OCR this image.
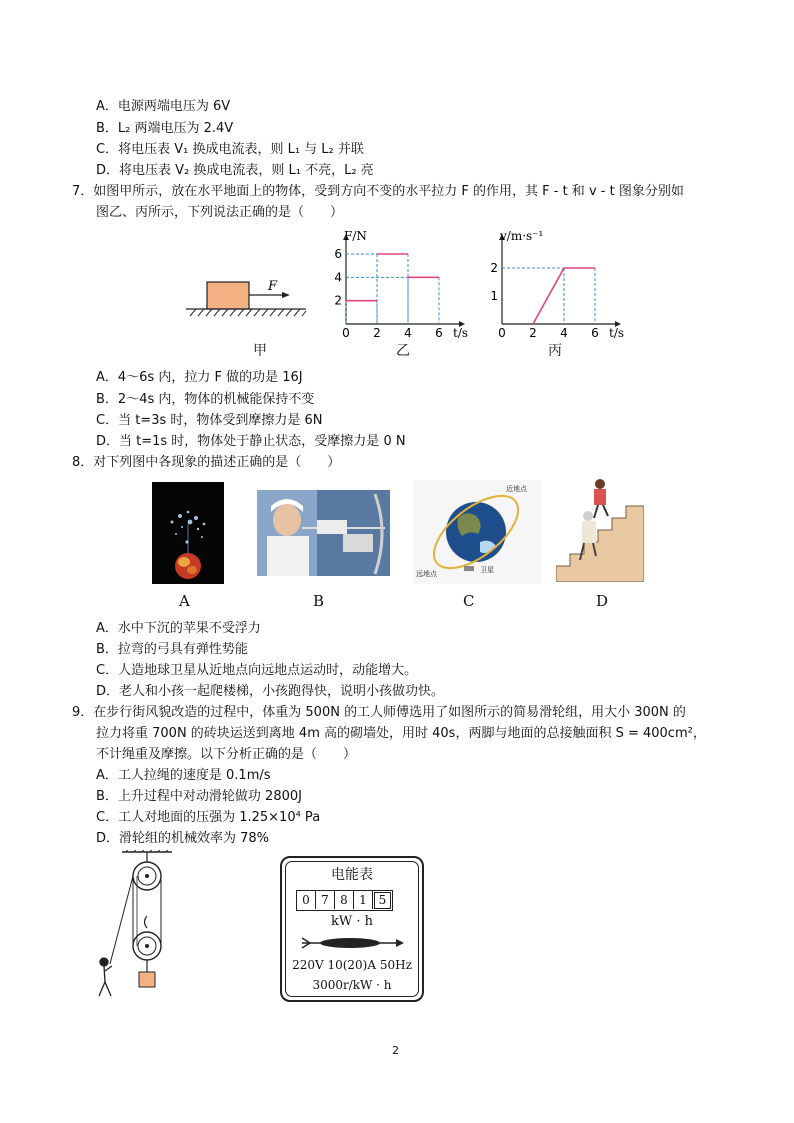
A．电源两端电压为 6V
B．L₂ 两端电压为 2.4V
C．将电压表 V₁ 换成电流表，则 L₁ 与 L₂ 并联
D．将电压表 V₂ 换成电流表，则 L₁ 不亮，L₂ 亮
7．如图甲所示，放在水平地面上的物体，受到方向不变的水平拉力 F 的作用，其 F - t 和 v - t 图象分别如
图乙、丙所示，下列说法正确的是（　　）
F
甲
0 2 4 6
2
4
6
F/N
t/s
乙
0 2 4 6
1
2
v/m·s⁻¹
t/s
丙
A．4～6s 内，拉力 F 做的功是 16J
B．2～4s 内，物体的机械能保持不变
C．当 t=3s 时，物体受到摩擦力是 6N
D．当 t=1s 时，物体处于静止状态，受摩擦力是 0 N
8．对下列图中各现象的描述正确的是（　　）
近地点
远地点	卫星
A	B	C	D
A．水中下沉的苹果不受浮力
B．拉弯的弓具有弹性势能
C．人造地球卫星从近地点向远地点运动时，动能增大。
D．老人和小孩一起爬楼梯，小孩跑得快，说明小孩做功快。
9．在步行街风貌改造的过程中，体重为 500N 的工人师傅选用了如图所示的简易滑轮组，用大小 300N 的
拉力将重 700N 的砖块运送到离地 4m 高的砌墙处，用时 40s，两脚与地面的总接触面积 S = 400cm²，
不计绳重及摩擦。以下分析正确的是（　　）
A．工人拉绳的速度是 0.1m/s
B．上升过程中对动滑轮做功 2800J
C．工人对地面的压强为 1.25×10⁴ Pa
D．滑轮组的机械效率为 78%
电能表
0 7 8 1 5
kW · h
220V 10(20)A 50Hz
3000r/kW · h
2
